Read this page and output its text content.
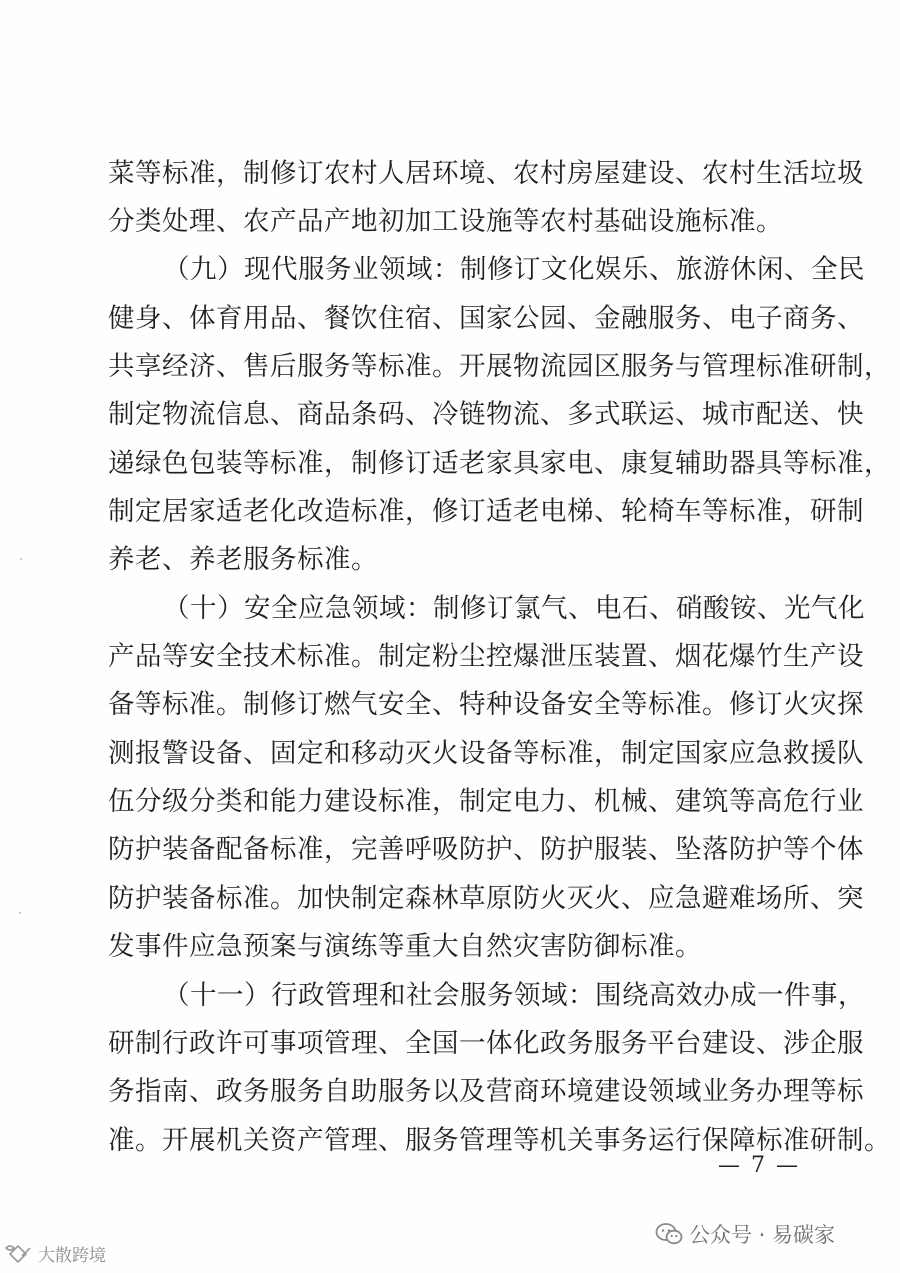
菜等标准，制修订农村人居环境、农村房屋建设、农村生活垃圾
分类处理、农产品产地初加工设施等农村基础设施标准。
（九）现代服务业领域：制修订文化娱乐、旅游休闲、全民
健身、体育用品、餐饮住宿、国家公园、金融服务、电子商务、
共享经济、售后服务等标准。开展物流园区服务与管理标准研制，
制定物流信息、商品条码、冷链物流、多式联运、城市配送、快
递绿色包装等标准，制修订适老家具家电、康复辅助器具等标准，
制定居家适老化改造标准，修订适老电梯、轮椅车等标准，研制
养老、养老服务标准。
（十）安全应急领域：制修订氯气、电石、硝酸铵、光气化
产品等安全技术标准。制定粉尘控爆泄压装置、烟花爆竹生产设
备等标准。制修订燃气安全、特种设备安全等标准。修订火灾探
测报警设备、固定和移动灭火设备等标准，制定国家应急救援队
伍分级分类和能力建设标准，制定电力、机械、建筑等高危行业
防护装备配备标准，完善呼吸防护、防护服装、坠落防护等个体
防护装备标准。加快制定森林草原防火灭火、应急避难场所、突
发事件应急预案与演练等重大自然灾害防御标准。
（十一）行政管理和社会服务领域：围绕高效办成一件事，
研制行政许可事项管理、全国一体化政务服务平台建设、涉企服
务指南、政务服务自助服务以及营商环境建设领域业务办理等标
准。开展机关资产管理、服务管理等机关事务运行保障标准研制。
— 7 —
公众号 · 易碳家
大散跨境
